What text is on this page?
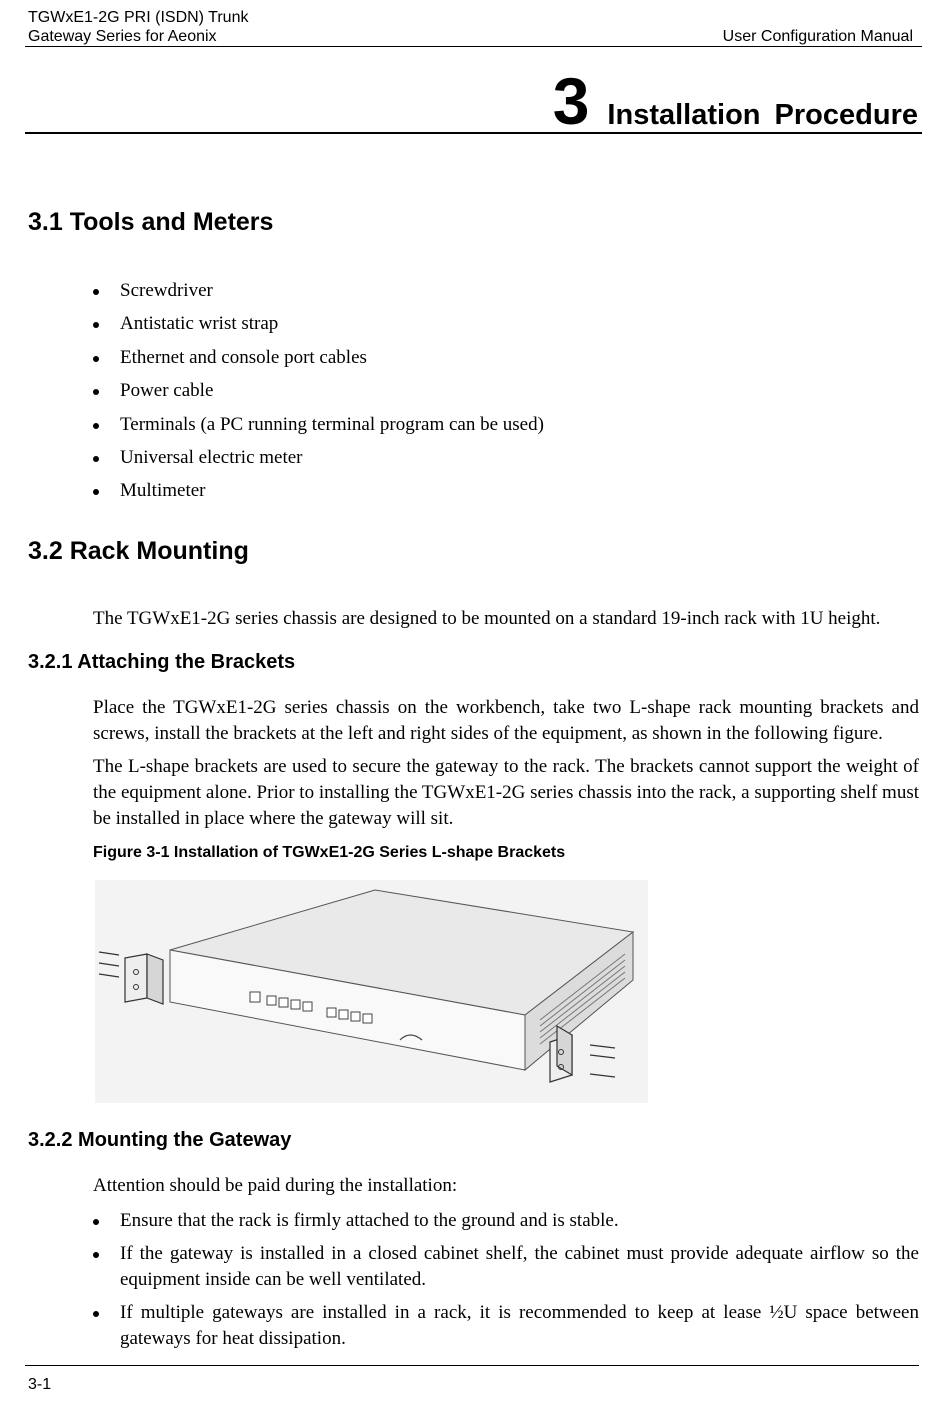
TGWxE1-2G PRI (ISDN) Trunk
Gateway Series for Aeonix	User Configuration Manual
3 Installation Procedure
3.1 Tools and Meters
Screwdriver
Antistatic wrist strap
Ethernet and console port cables
Power cable
Terminals (a PC running terminal program can be used)
Universal electric meter
Multimeter
3.2 Rack Mounting

The TGWxE1-2G series chassis are designed to be mounted on a standard 19-inch rack with 1U height.

3.2.1 Attaching the Brackets

Place the TGWxE1-2G series chassis on the workbench, take two L-shape rack mounting brackets and screws, install the brackets at the left and right sides of the equipment, as shown in the following figure.

The L-shape brackets are used to secure the gateway to the rack. The brackets cannot support the weight of the equipment alone. Prior to installing the TGWxE1-2G series chassis into the rack, a supporting shelf must be installed in place where the gateway will sit.

Figure 3-1 Installation of TGWxE1-2G Series L-shape Brackets
3.2.2 Mounting the Gateway

Attention should be paid during the installation:

Ensure that the rack is firmly attached to the ground and is stable.
If the gateway is installed in a closed cabinet shelf, the cabinet must provide adequate airflow so the equipment inside can be well ventilated.
If multiple gateways are installed in a rack, it is recommended to keep at lease ½U space between gateways for heat dissipation.
3-1
